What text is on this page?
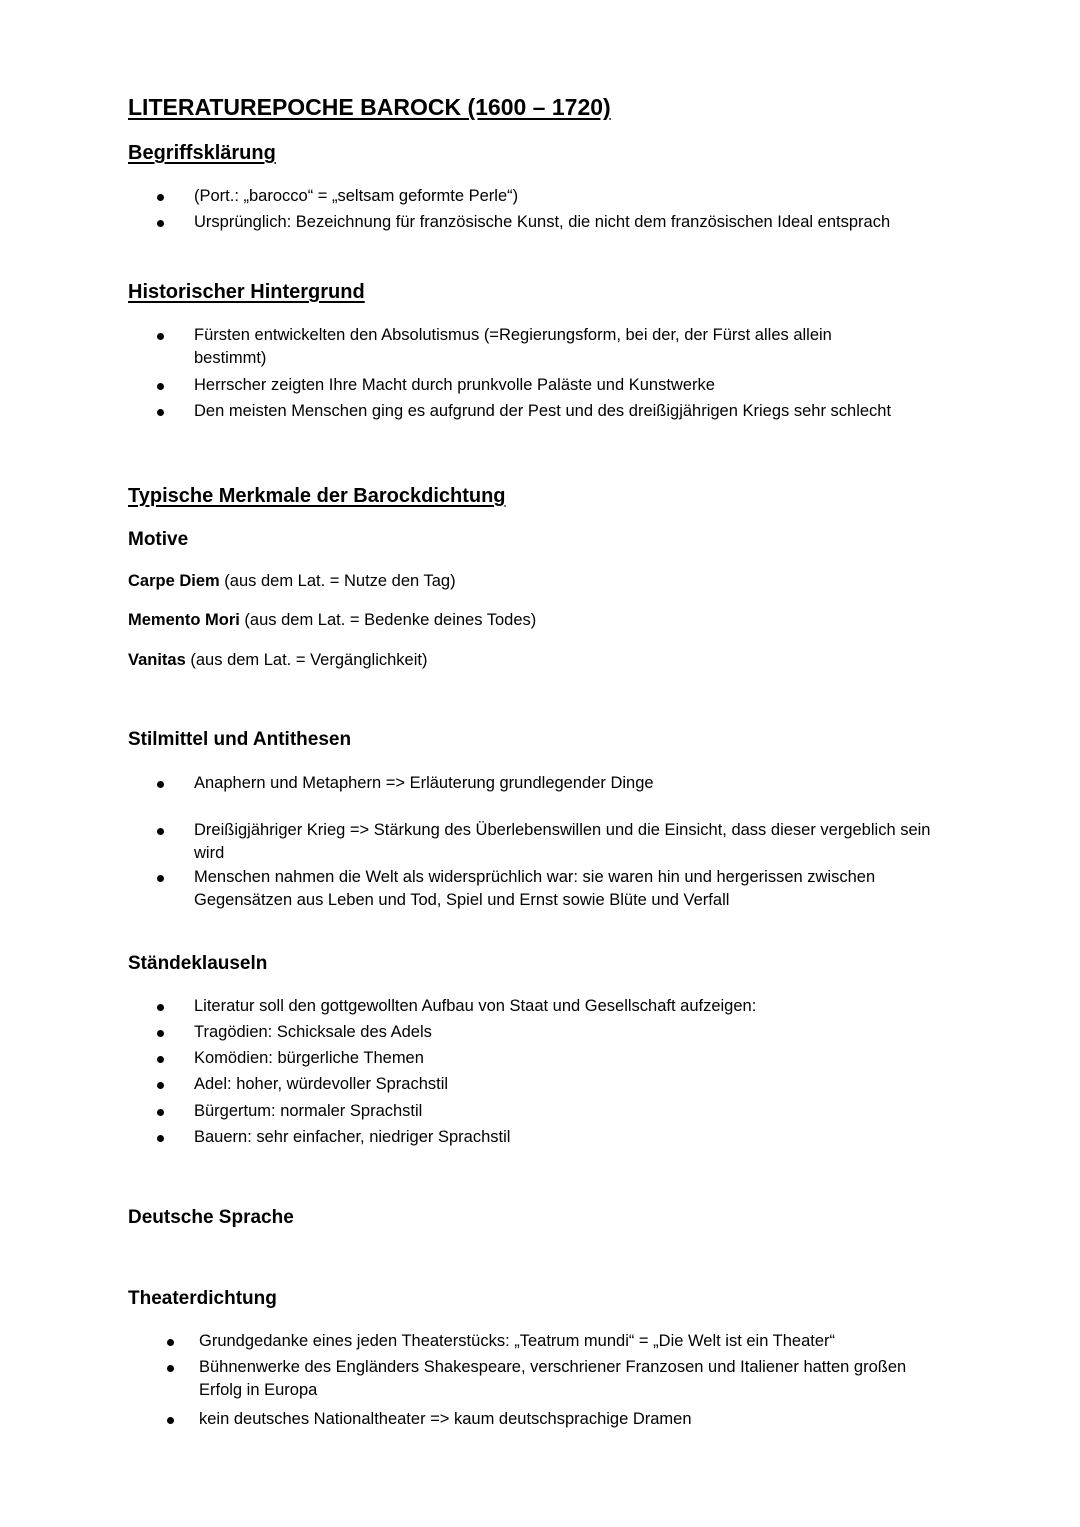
LITERATUREPOCHE BAROCK (1600 – 1720)
Begriffsklärung
(Port.: „barocco“ = „seltsam geformte Perle“)
Ursprünglich: Bezeichnung für französische Kunst, die nicht dem französischen Ideal entsprach
Historischer Hintergrund
Fürsten entwickelten den Absolutismus (=Regierungsform, bei der, der Fürst alles allein bestimmt)
Herrscher zeigten Ihre Macht durch prunkvolle Paläste und Kunstwerke
Den meisten Menschen ging es aufgrund der Pest und des dreißigjährigen Kriegs sehr schlecht
Typische Merkmale der Barockdichtung
Motive
Carpe Diem (aus dem Lat. = Nutze den Tag)
Memento Mori (aus dem Lat. = Bedenke deines Todes)
Vanitas (aus dem Lat. = Vergänglichkeit)
Stilmittel und Antithesen
Anaphern und Metaphern => Erläuterung grundlegender Dinge
Dreißigjähriger Krieg => Stärkung des Überlebenswillen und die Einsicht, dass dieser vergeblich sein wird
Menschen nahmen die Welt als widersprüchlich war: sie waren hin und hergerissen zwischen Gegensätzen aus Leben und Tod, Spiel und Ernst sowie Blüte und Verfall
Ständeklauseln
Literatur soll den gottgewollten Aufbau von Staat und Gesellschaft aufzeigen:
Tragödien: Schicksale des Adels
Komödien: bürgerliche Themen
Adel: hoher, würdevoller Sprachstil
Bürgertum: normaler Sprachstil
Bauern: sehr einfacher, niedriger Sprachstil
Deutsche Sprache
Theaterdichtung
Grundgedanke eines jeden Theaterstücks: „Teatrum mundi“ = „Die Welt ist ein Theater“
Bühnenwerke des Engländers Shakespeare, verschriener Franzosen und Italiener hatten großen Erfolg in Europa
kein deutsches Nationaltheater => kaum deutschsprachige Dramen
